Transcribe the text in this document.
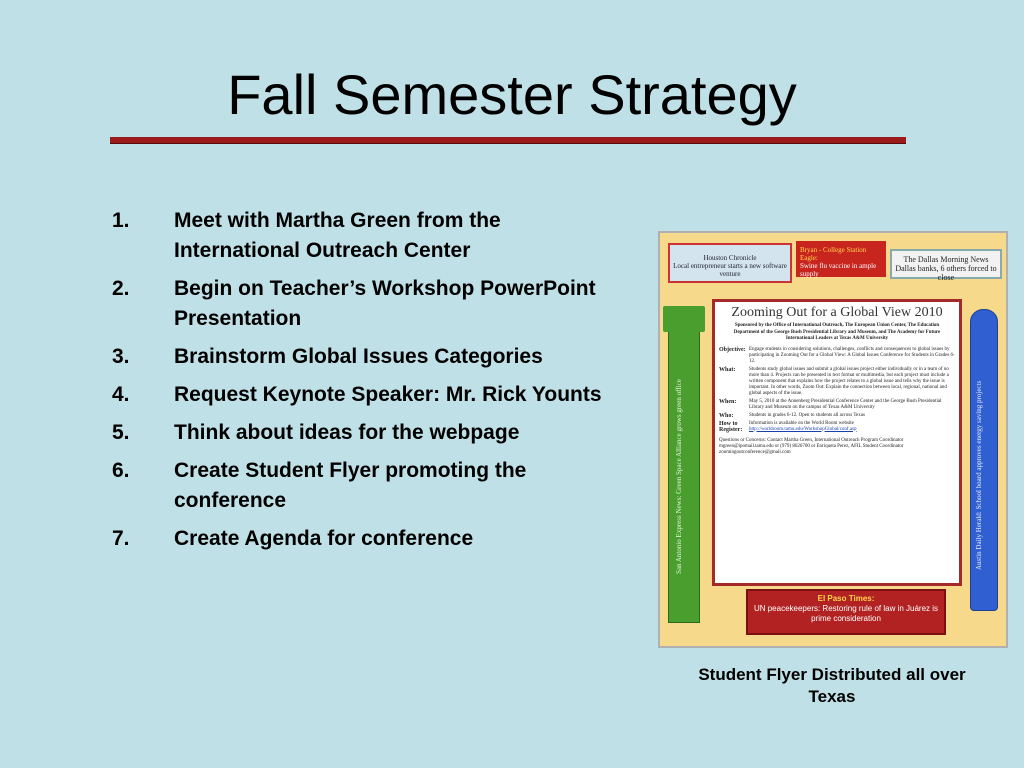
Fall Semester Strategy
1.	Meet with Martha Green from the International Outreach Center
2.	Begin on Teacher’s Workshop PowerPoint Presentation
3.	Brainstorm Global Issues Categories
4.	Request Keynote Speaker: Mr. Rick Younts
5.	Think about ideas for the webpage
6.	Create Student Flyer promoting the conference
7.	Create Agenda for conference
Houston Chronicle
Local entrepreneur starts a new software venture
Bryan - College Station Eagle:
Swine flu vaccine in ample supply
The Dallas Morning News
Dallas banks, 6 others forced to close
San Antonio Express News: Green Space Alliance grows green office	Austin Daily Herald: School board approves energy saving projects
Zooming Out for a Global View 2010
Sponsored by the Office of International Outreach, The European Union Center, The Education Department of the George Bush Presidential Library and Museum, and The Academy for Future International Leaders at Texas A&M University
Objective: Engage students in considering solutions, challenges, conflicts and consequences to global issues by participating in Zooming Out for a Global View: A Global Issues Conference for Students in Grades 6-12.
What:	Students study global issues and submit a global issues project either individually or in a team of no more than 4. Projects can be presented in text format or multimedia, but each project must include a written component that explains how the project relates to a global issue and tells why the issue is important. In other words, Zoom Out: Explain the connection between local, regional, national and global aspects of the issue.
When:	May 5, 2010 at the Annenberg Presidential Conference Center and the George Bush Presidential Library and Museum on the campus of Texas A&M University
Who:	Students in grades 6-12. Open to students all across Texas
How to Register:
Information is available on the World Room website
http://worldroom.tamu.edu/WorkshopGlobal/conf.asp
Questions or Concerns: Contact Martha Green, International Outreach Program Coordinator mgreen@ipomail.tamu.edu or (979) 8626700 or Enriqueta Perez, AFIL Student Coordinator zoomingoutconference@gmail.com
El Paso Times:
UN peacekeepers: Restoring rule of law in Juárez is prime consideration
Student Flyer Distributed all over Texas
